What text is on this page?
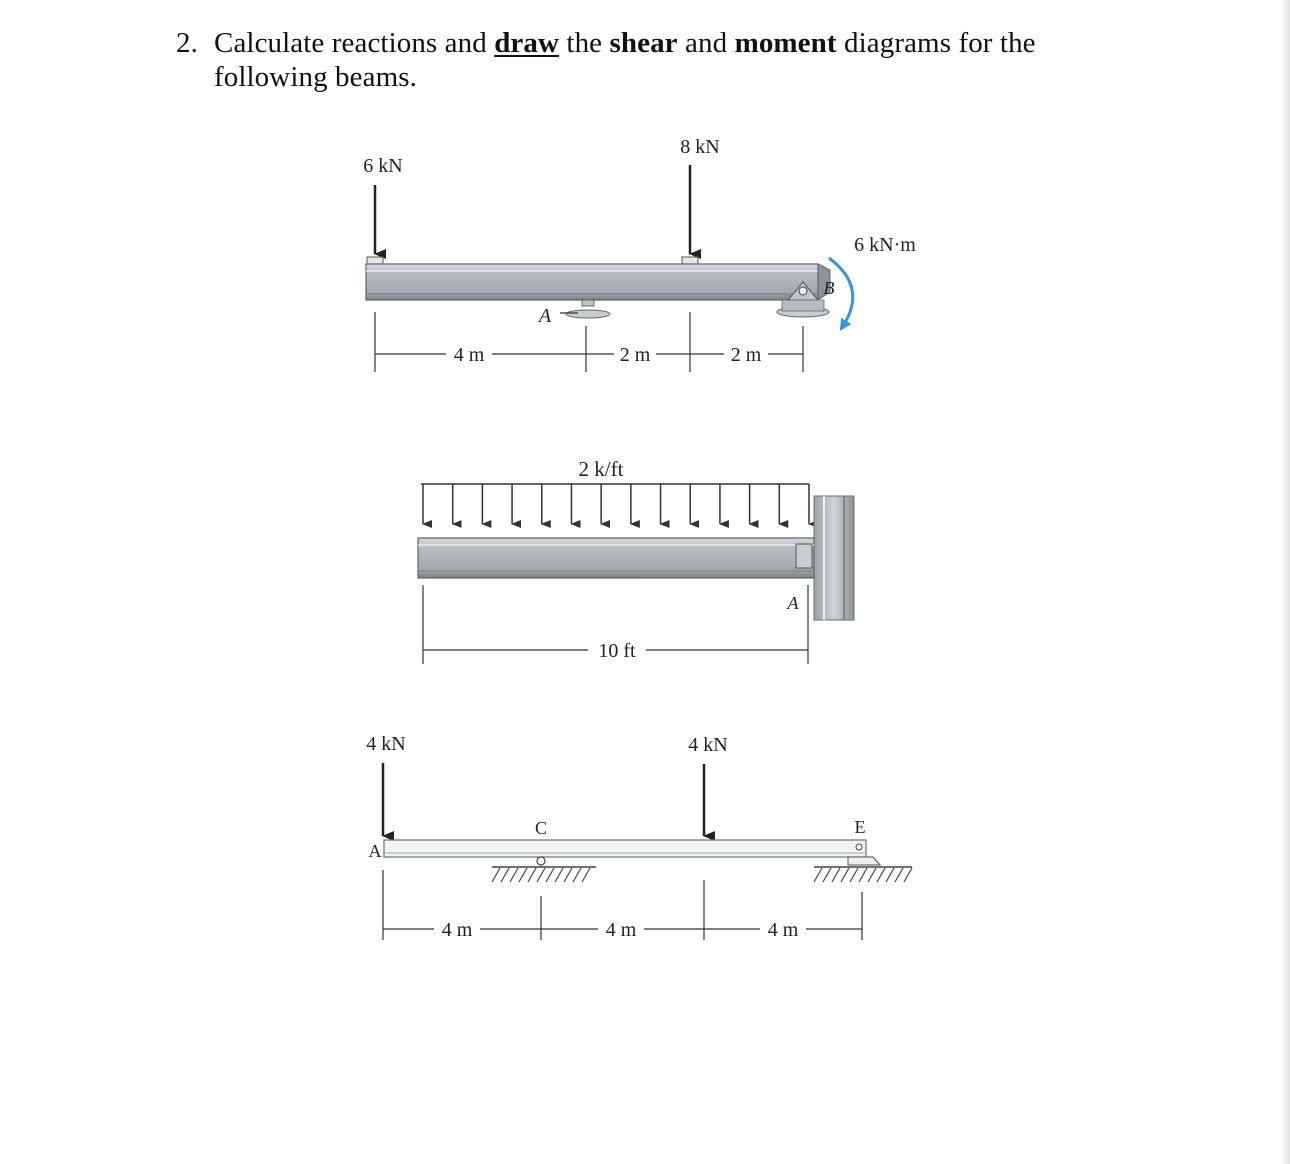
2. Calculate reactions and draw the shear and moment diagrams for the
following beams.
6 kN
8 kN
A
B
6 kN·m
4 m	2 m	2 m
2 k/ft
A
10 ft
4 kN	4 kN
A
C	E
4 m	4 m	4 m
